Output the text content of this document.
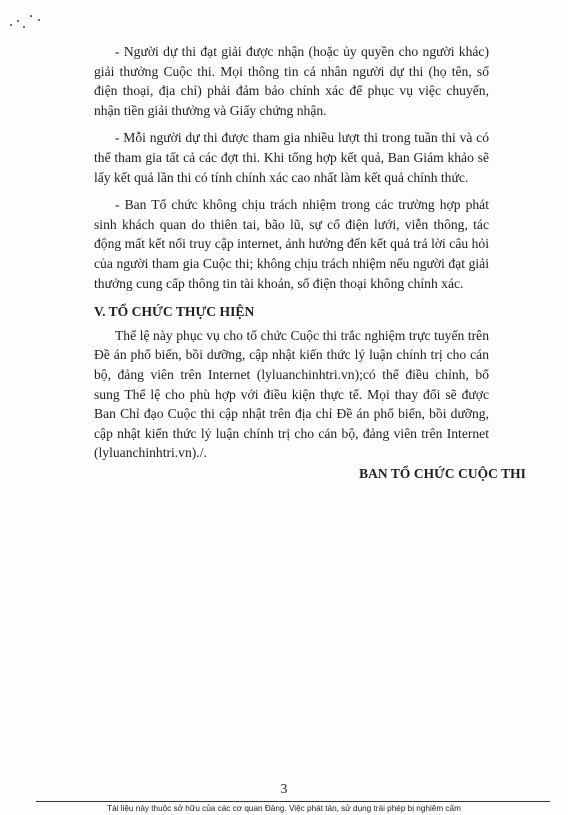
- Người dự thi đạt giải được nhận (hoặc ủy quyền cho người khác) giải thưởng Cuộc thi. Mọi thông tin cá nhân người dự thi (họ tên, số điện thoại, địa chỉ) phải đảm bảo chính xác để phục vụ việc chuyển, nhận tiền giải thưởng và Giấy chứng nhận.

- Mỗi người dự thi được tham gia nhiều lượt thi trong tuần thi và có thể tham gia tất cả các đợt thi. Khi tổng hợp kết quả, Ban Giám khảo sẽ lấy kết quả lần thi có tính chính xác cao nhất làm kết quả chính thức.

- Ban Tổ chức không chịu trách nhiệm trong các trường hợp phát sinh khách quan do thiên tai, bão lũ, sự cố điện lưới, viễn thông, tác động mất kết nối truy cập internet, ảnh hưởng đến kết quả trả lời câu hỏi của người tham gia Cuộc thi; không chịu trách nhiệm nếu người đạt giải thưởng cung cấp thông tin tài khoản, số điện thoại không chính xác.

V. TỔ CHỨC THỰC HIỆN

Thể lệ này phục vụ cho tổ chức Cuộc thi trắc nghiệm trực tuyến trên Đề án phổ biến, bồi dưỡng, cập nhật kiến thức lý luận chính trị cho cán bộ, đảng viên trên Internet (lyluanchinhtri.vn);có thể điều chỉnh, bổ sung Thể lệ cho phù hợp với điều kiện thực tế. Mọi thay đổi sẽ được Ban Chỉ đạo Cuộc thi cập nhật trên địa chỉ Đề án phổ biến, bồi dưỡng, cập nhật kiến thức lý luận chính trị cho cán bộ, đảng viên trên Internet (lyluanchinhtri.vn)./.

BAN TỔ CHỨC CUỘC THI
3
Tài liệu này thuộc sở hữu của các cơ quan Đảng. Việc phát tán, sử dụng trái phép bị nghiêm cấm
